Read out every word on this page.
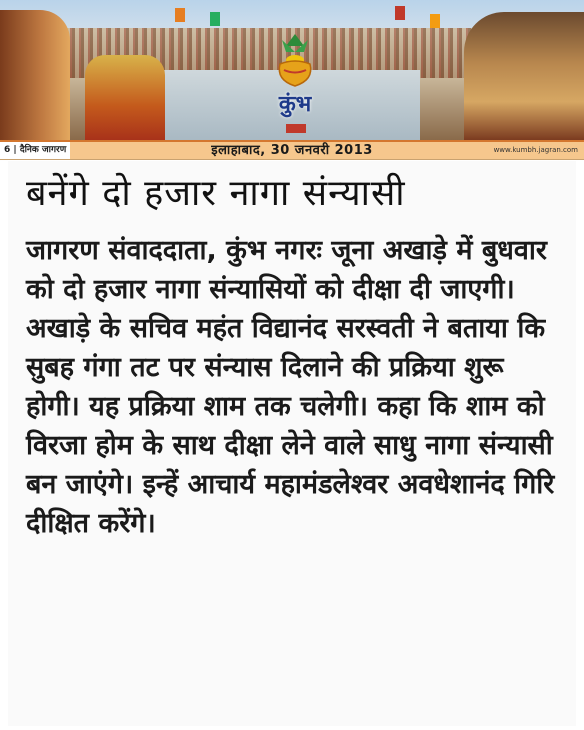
कुंभ
इलाहाबाद, 30 जनवरी 2013
6 | दैनिक जागरण	www.kumbh.jagran.com
बनेंगे दो हजार नागा संन्यासी

जागरण संवाददाता, कुंभ नगरः जूना अखाड़े में बुधवार को दो हजार नागा संन्यासियों को दीक्षा दी जाएगी। अखाड़े के सचिव महंत विद्यानंद सरस्वती ने बताया कि सुबह गंगा तट पर संन्यास दिलाने की प्रक्रिया शुरू होगी। यह प्रक्रिया शाम तक चलेगी। कहा कि शाम को विरजा होम के साथ दीक्षा लेने वाले साधु नागा संन्यासी बन जाएंगे। इन्हें आचार्य महामंडलेश्वर अवधेशानंद गिरि दीक्षित करेंगे।
